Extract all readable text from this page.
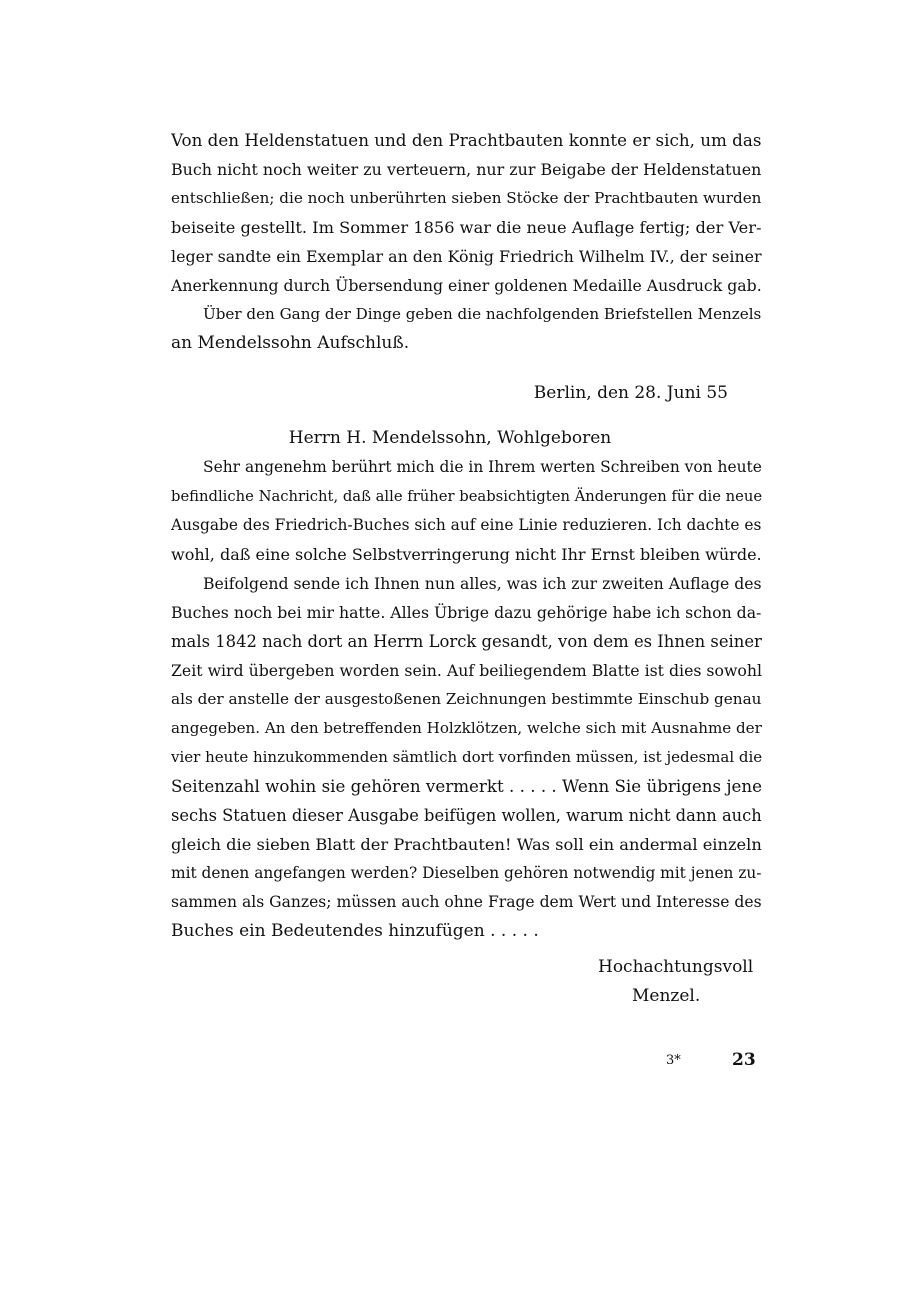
Von den Heldenstatuen und den Prachtbauten konnte er sich, um das
Buch nicht noch weiter zu verteuern, nur zur Beigabe der Heldenstatuen
entschließen; die noch unberührten sieben Stöcke der Prachtbauten wurden
beiseite gestellt. Im Sommer 1856 war die neue Auflage fertig; der Ver-
leger sandte ein Exemplar an den König Friedrich Wilhelm IV., der seiner
Anerkennung durch Übersendung einer goldenen Medaille Ausdruck gab.

Über den Gang der Dinge geben die nachfolgenden Briefstellen Menzels
an Mendelssohn Aufschluß.

Berlin, den 28. Juni 55
Herrn H. Mendelssohn, Wohlgeboren

Sehr angenehm berührt mich die in Ihrem werten Schreiben von heute
befindliche Nachricht, daß alle früher beabsichtigten Änderungen für die neue
Ausgabe des Friedrich-Buches sich auf eine Linie reduzieren. Ich dachte es
wohl, daß eine solche Selbstverringerung nicht Ihr Ernst bleiben würde.

Beifolgend sende ich Ihnen nun alles, was ich zur zweiten Auflage des
Buches noch bei mir hatte. Alles Übrige dazu gehörige habe ich schon da-
mals 1842 nach dort an Herrn Lorck gesandt, von dem es Ihnen seiner
Zeit wird übergeben worden sein. Auf beiliegendem Blatte ist dies sowohl
als der anstelle der ausgestoßenen Zeichnungen bestimmte Einschub genau
angegeben. An den betreffenden Holzklötzen, welche sich mit Ausnahme der
vier heute hinzukommenden sämtlich dort vorfinden müssen, ist jedesmal die
Seitenzahl wohin sie gehören vermerkt . . . . . Wenn Sie übrigens jene
sechs Statuen dieser Ausgabe beifügen wollen, warum nicht dann auch
gleich die sieben Blatt der Prachtbauten! Was soll ein andermal einzeln
mit denen angefangen werden? Dieselben gehören notwendig mit jenen zu-
sammen als Ganzes; müssen auch ohne Frage dem Wert und Interesse des
Buches ein Bedeutendes hinzufügen . . . . .

Hochachtungsvoll
Menzel.
3*	23
